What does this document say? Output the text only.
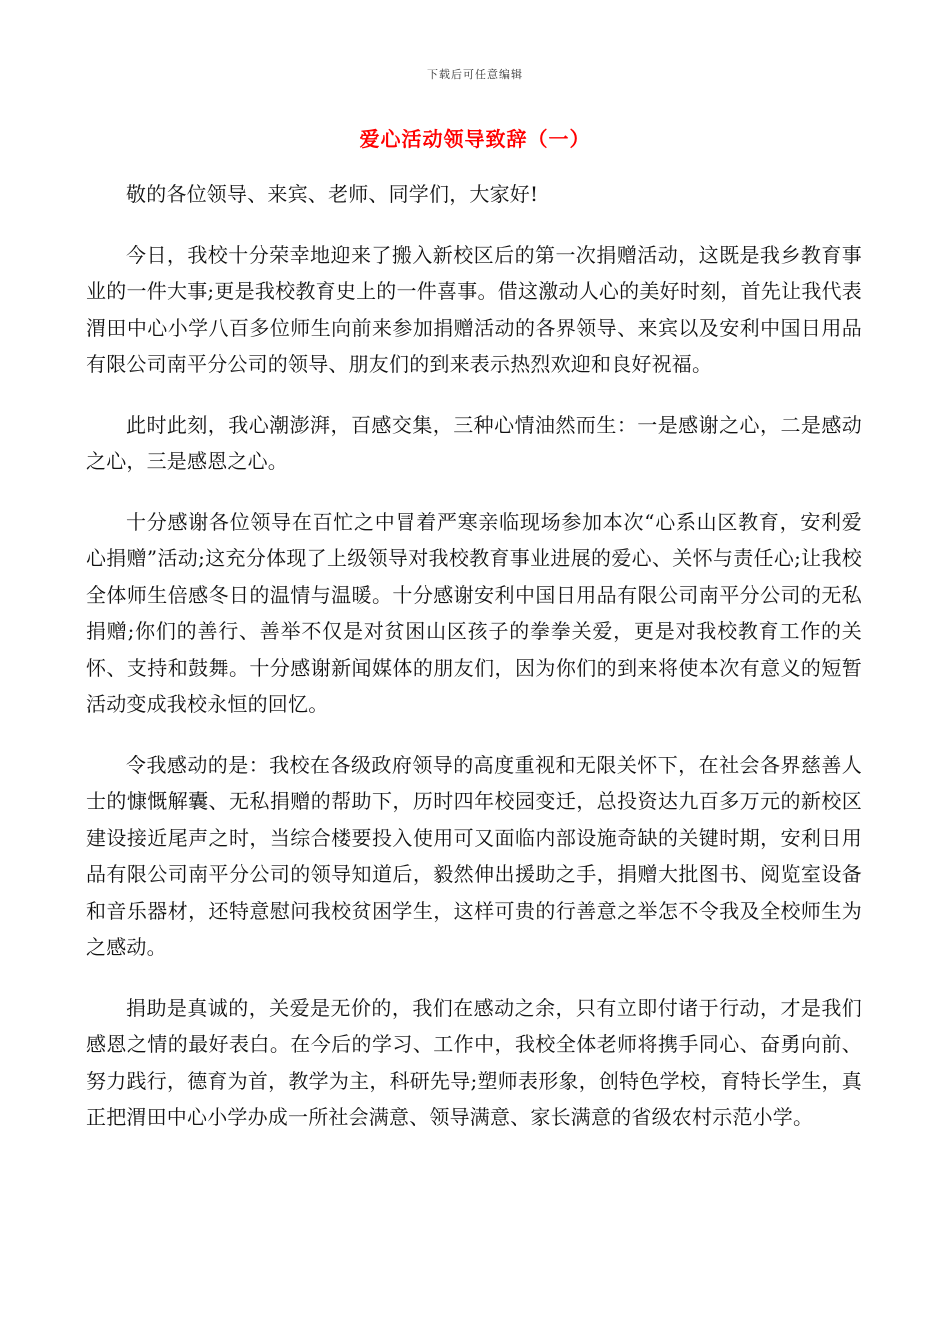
下载后可任意编辑
爱心活动领导致辞（一）

敬的各位领导、来宾、老师、同学们，大家好!

今日，我校十分荣幸地迎来了搬入新校区后的第一次捐赠活动，这既是我乡教育事业的一件大事;更是我校教育史上的一件喜事。借这激动人心的美好时刻，首先让我代表渭田中心小学八百多位师生向前来参加捐赠活动的各界领导、来宾以及安利中国日用品有限公司南平分公司的领导、朋友们的到来表示热烈欢迎和良好祝福。

此时此刻，我心潮澎湃，百感交集，三种心情油然而生：一是感谢之心，二是感动之心，三是感恩之心。

十分感谢各位领导在百忙之中冒着严寒亲临现场参加本次“心系山区教育，安利爱心捐赠”活动;这充分体现了上级领导对我校教育事业进展的爱心、关怀与责任心;让我校全体师生倍感冬日的温情与温暖。十分感谢安利中国日用品有限公司南平分公司的无私捐赠;你们的善行、善举不仅是对贫困山区孩子的拳拳关爱，更是对我校教育工作的关怀、支持和鼓舞。十分感谢新闻媒体的朋友们，因为你们的到来将使本次有意义的短暂活动变成我校永恒的回忆。

令我感动的是：我校在各级政府领导的高度重视和无限关怀下，在社会各界慈善人士的慷慨解囊、无私捐赠的帮助下，历时四年校园变迁，总投资达九百多万元的新校区建设接近尾声之时，当综合楼要投入使用可又面临内部设施奇缺的关键时期，安利日用品有限公司南平分公司的领导知道后，毅然伸出援助之手，捐赠大批图书、阅览室设备和音乐器材，还特意慰问我校贫困学生，这样可贵的行善意之举怎不令我及全校师生为之感动。

捐助是真诚的，关爱是无价的，我们在感动之余，只有立即付诸于行动，才是我们感恩之情的最好表白。在今后的学习、工作中，我校全体老师将携手同心、奋勇向前、努力践行，德育为首，教学为主，科研先导;塑师表形象，创特色学校，育特长学生，真正把渭田中心小学办成一所社会满意、领导满意、家长满意的省级农村示范小学。
